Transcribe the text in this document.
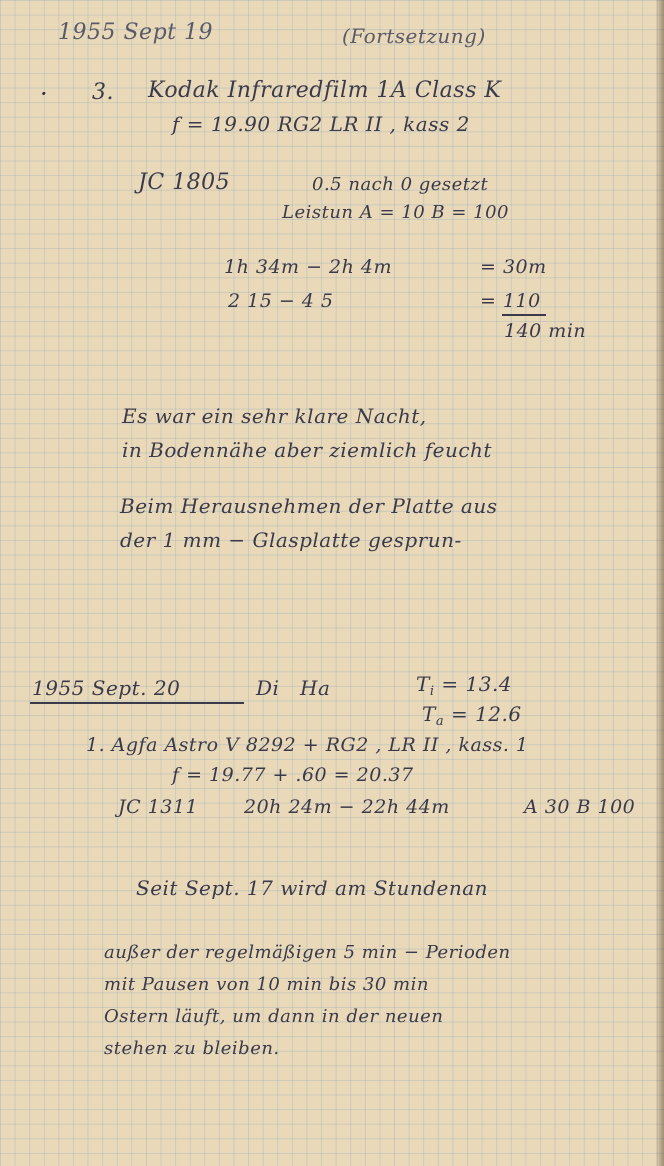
1955 Sept 19	(Fortsetzung)
· 3. Kodak Infraredfilm 1A Class K
f = 19.90 RG2 LR II , kass 2
JC 1805	0.5 nach 0 gesetzt
Leistun A = 10 B = 100
1h 34m − 2h 4m	= 30m
2 15 − 4 5	= 110
140 min
Es war ein sehr klare Nacht,
in Bodennähe aber ziemlich feucht
Beim Herausnehmen der Platte aus
der 1 mm − Glasplatte gesprun-
1955 Sept. 20	Di Ha	$T_i = 13.4$
$T_a = 12.6$
1. Agfa Astro V 8292 + RG2 , LR II , kass. 1
f = 19.77 + .60 = 20.37
JC 1311 20h 24m − 22h 44m	A 30 B 100
Seit Sept. 17 wird am Stundenan
außer der regelmäßigen 5 min − Perioden
mit Pausen von 10 min bis 30 min
Ostern läuft, um dann in der neuen
stehen zu bleiben.
